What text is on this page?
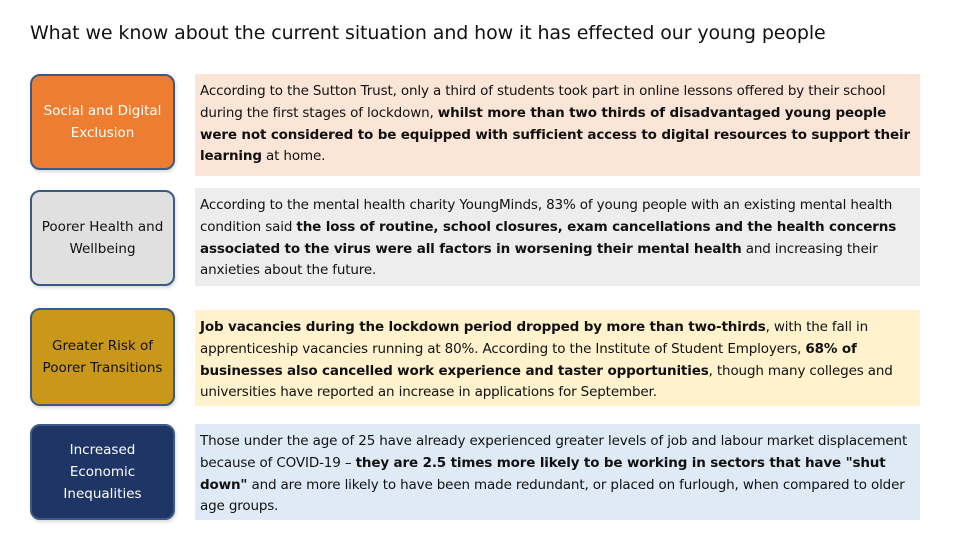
What we know about the current situation and how it has effected our young people
Social and Digital Exclusion
According to the Sutton Trust, only a third of students took part in online lessons offered by their school during the first stages of lockdown, whilst more than two thirds of disadvantaged young people were not considered to be equipped with sufficient access to digital resources to support their learning at home.
Poorer Health and Wellbeing
According to the mental health charity YoungMinds, 83% of young people with an existing mental health condition said the loss of routine, school closures, exam cancellations and the health concerns associated to the virus were all factors in worsening their mental health and increasing their anxieties about the future.
Greater Risk of Poorer Transitions
Job vacancies during the lockdown period dropped by more than two-thirds, with the fall in apprenticeship vacancies running at 80%. According to the Institute of Student Employers, 68% of businesses also cancelled work experience and taster opportunities, though many colleges and universities have reported an increase in applications for September.
Increased Economic Inequalities
Those under the age of 25 have already experienced greater levels of job and labour market displacement because of COVID-19 – they are 2.5 times more likely to be working in sectors that have "shut down" and are more likely to have been made redundant, or placed on furlough, when compared to older age groups.
